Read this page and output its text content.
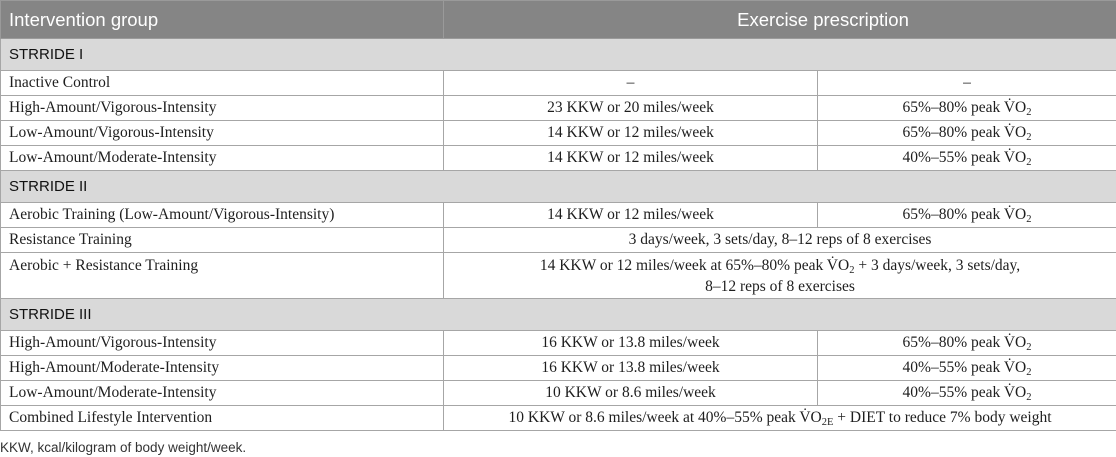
Intervention group	Exercise prescription	
STRRIDE I		
Inactive Control	–	–
High-Amount/Vigorous-Intensity	23 KKW or 20 miles/week	65%–80% peak $V̇O_2$
Low-Amount/Vigorous-Intensity	14 KKW or 12 miles/week	65%–80% peak $V̇O_2$
Low-Amount/Moderate-Intensity	14 KKW or 12 miles/week	40%–55% peak $V̇O_2$
STRRIDE II		
Aerobic Training (Low-Amount/Vigorous-Intensity)	14 KKW or 12 miles/week	65%–80% peak $V̇O_2$
Resistance Training	3 days/week, 3 sets/day, 8–12 reps of 8 exercises	
Aerobic + Resistance Training	14 KKW or 12 miles/week at 65%–80% peak $V̇O_2 + 3$ days/week, 3 sets/day,
8–12 reps of 8 exercises	
STRRIDE III		
High-Amount/Vigorous-Intensity	16 KKW or 13.8 miles/week	65%–80% peak $V̇O_2$
High-Amount/Moderate-Intensity	16 KKW or 13.8 miles/week	40%–55% peak $V̇O_2$
Low-Amount/Moderate-Intensity	10 KKW or 8.6 miles/week	40%–55% peak $V̇O_2$
Combined Lifestyle Intervention	10 KKW or 8.6 miles/week at 40%–55% peak $V̇O_{2E}$ + DIET to reduce 7% body weight	
KKW, kcal/kilogram of body weight/week.
